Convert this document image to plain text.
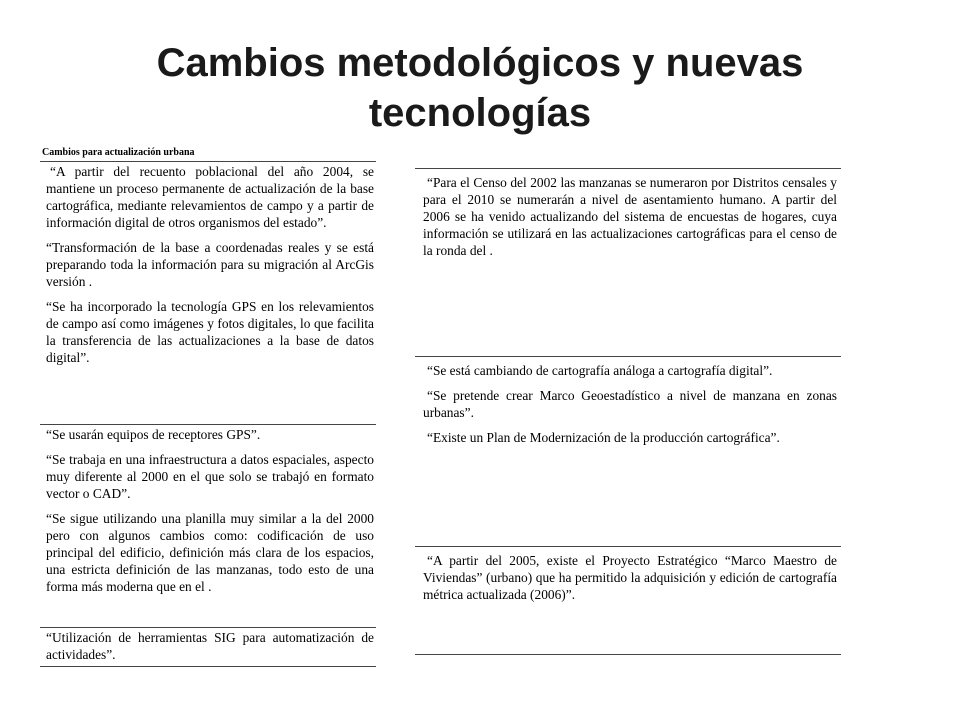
Cambios metodológicos y nuevas
tecnologías
Cambios para actualización urbana

“A partir del recuento poblacional del año 2004, se mantiene un proceso permanente de actualización de la base cartográfica, mediante relevamientos de campo y a partir de información digital de otros organismos del estado”.

“Transformación de la base a coordenadas reales y se está preparando toda la información para su migración al ArcGis versión .

“Se ha incorporado la tecnología GPS en los relevamientos de campo así como imágenes y fotos digitales, lo que facilita la transferencia de las actualizaciones a la base de datos digital”.

“Se usarán equipos de receptores GPS”.

“Se trabaja en una infraestructura a datos espaciales, aspecto muy diferente al 2000 en el que solo se trabajó en formato vector o CAD”.

“Se sigue utilizando una planilla muy similar a la del 2000 pero con algunos cambios como: codificación de uso principal del edificio, definición más clara de los espacios, una estricta definición de las manzanas, todo esto de una forma más moderna que en el .

“Utilización de herramientas SIG para automatización de actividades”.

“Para el Censo del 2002 las manzanas se numeraron por Distritos censales y para el 2010 se numerarán a nivel de asentamiento humano. A partir del 2006 se ha venido actualizando del sistema de encuestas de hogares, cuya información se utilizará en las actualizaciones cartográficas para el censo de la ronda del .

“Se está cambiando de cartografía análoga a cartografía digital”.

“Se pretende crear Marco Geoestadístico a nivel de manzana en zonas urbanas”.

“Existe un Plan de Modernización de la producción cartográfica”.

“A partir del 2005, existe el Proyecto Estratégico “Marco Maestro de Viviendas” (urbano) que ha permitido la adquisición y edición de cartografía métrica actualizada (2006)”.
